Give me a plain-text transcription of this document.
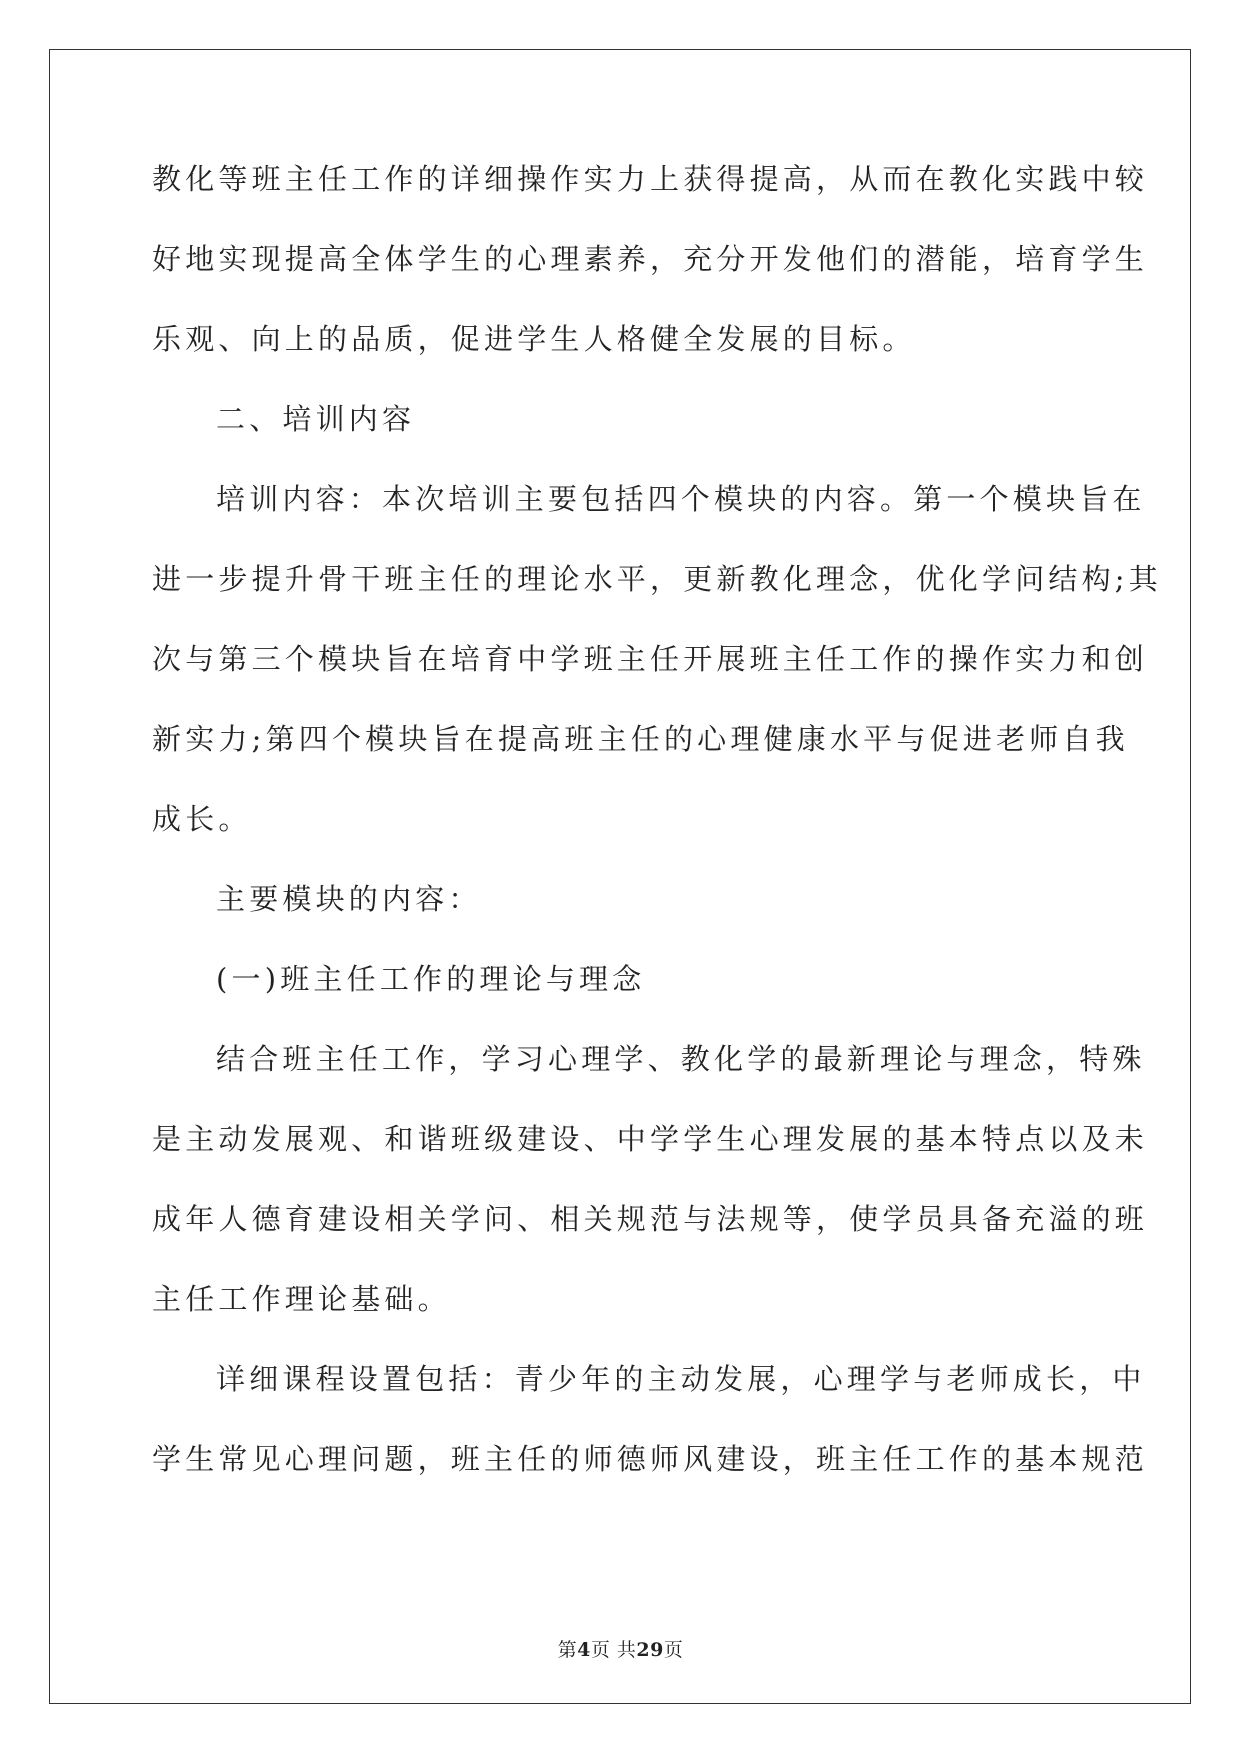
教化等班主任工作的详细操作实力上获得提高，从而在教化实践中较
好地实现提高全体学生的心理素养，充分开发他们的潜能，培育学生
乐观、向上的品质，促进学生人格健全发展的目标。
二、培训内容
培训内容：本次培训主要包括四个模块的内容。第一个模块旨在
进一步提升骨干班主任的理论水平，更新教化理念，优化学问结构;其
次与第三个模块旨在培育中学班主任开展班主任工作的操作实力和创
新实力;第四个模块旨在提高班主任的心理健康水平与促进老师自我
成长。
主要模块的内容：
(一)班主任工作的理论与理念
结合班主任工作，学习心理学、教化学的最新理论与理念，特殊
是主动发展观、和谐班级建设、中学学生心理发展的基本特点以及未
成年人德育建设相关学问、相关规范与法规等，使学员具备充溢的班
主任工作理论基础。
详细课程设置包括：青少年的主动发展，心理学与老师成长，中
学生常见心理问题，班主任的师德师风建设，班主任工作的基本规范
第4页 共29页
